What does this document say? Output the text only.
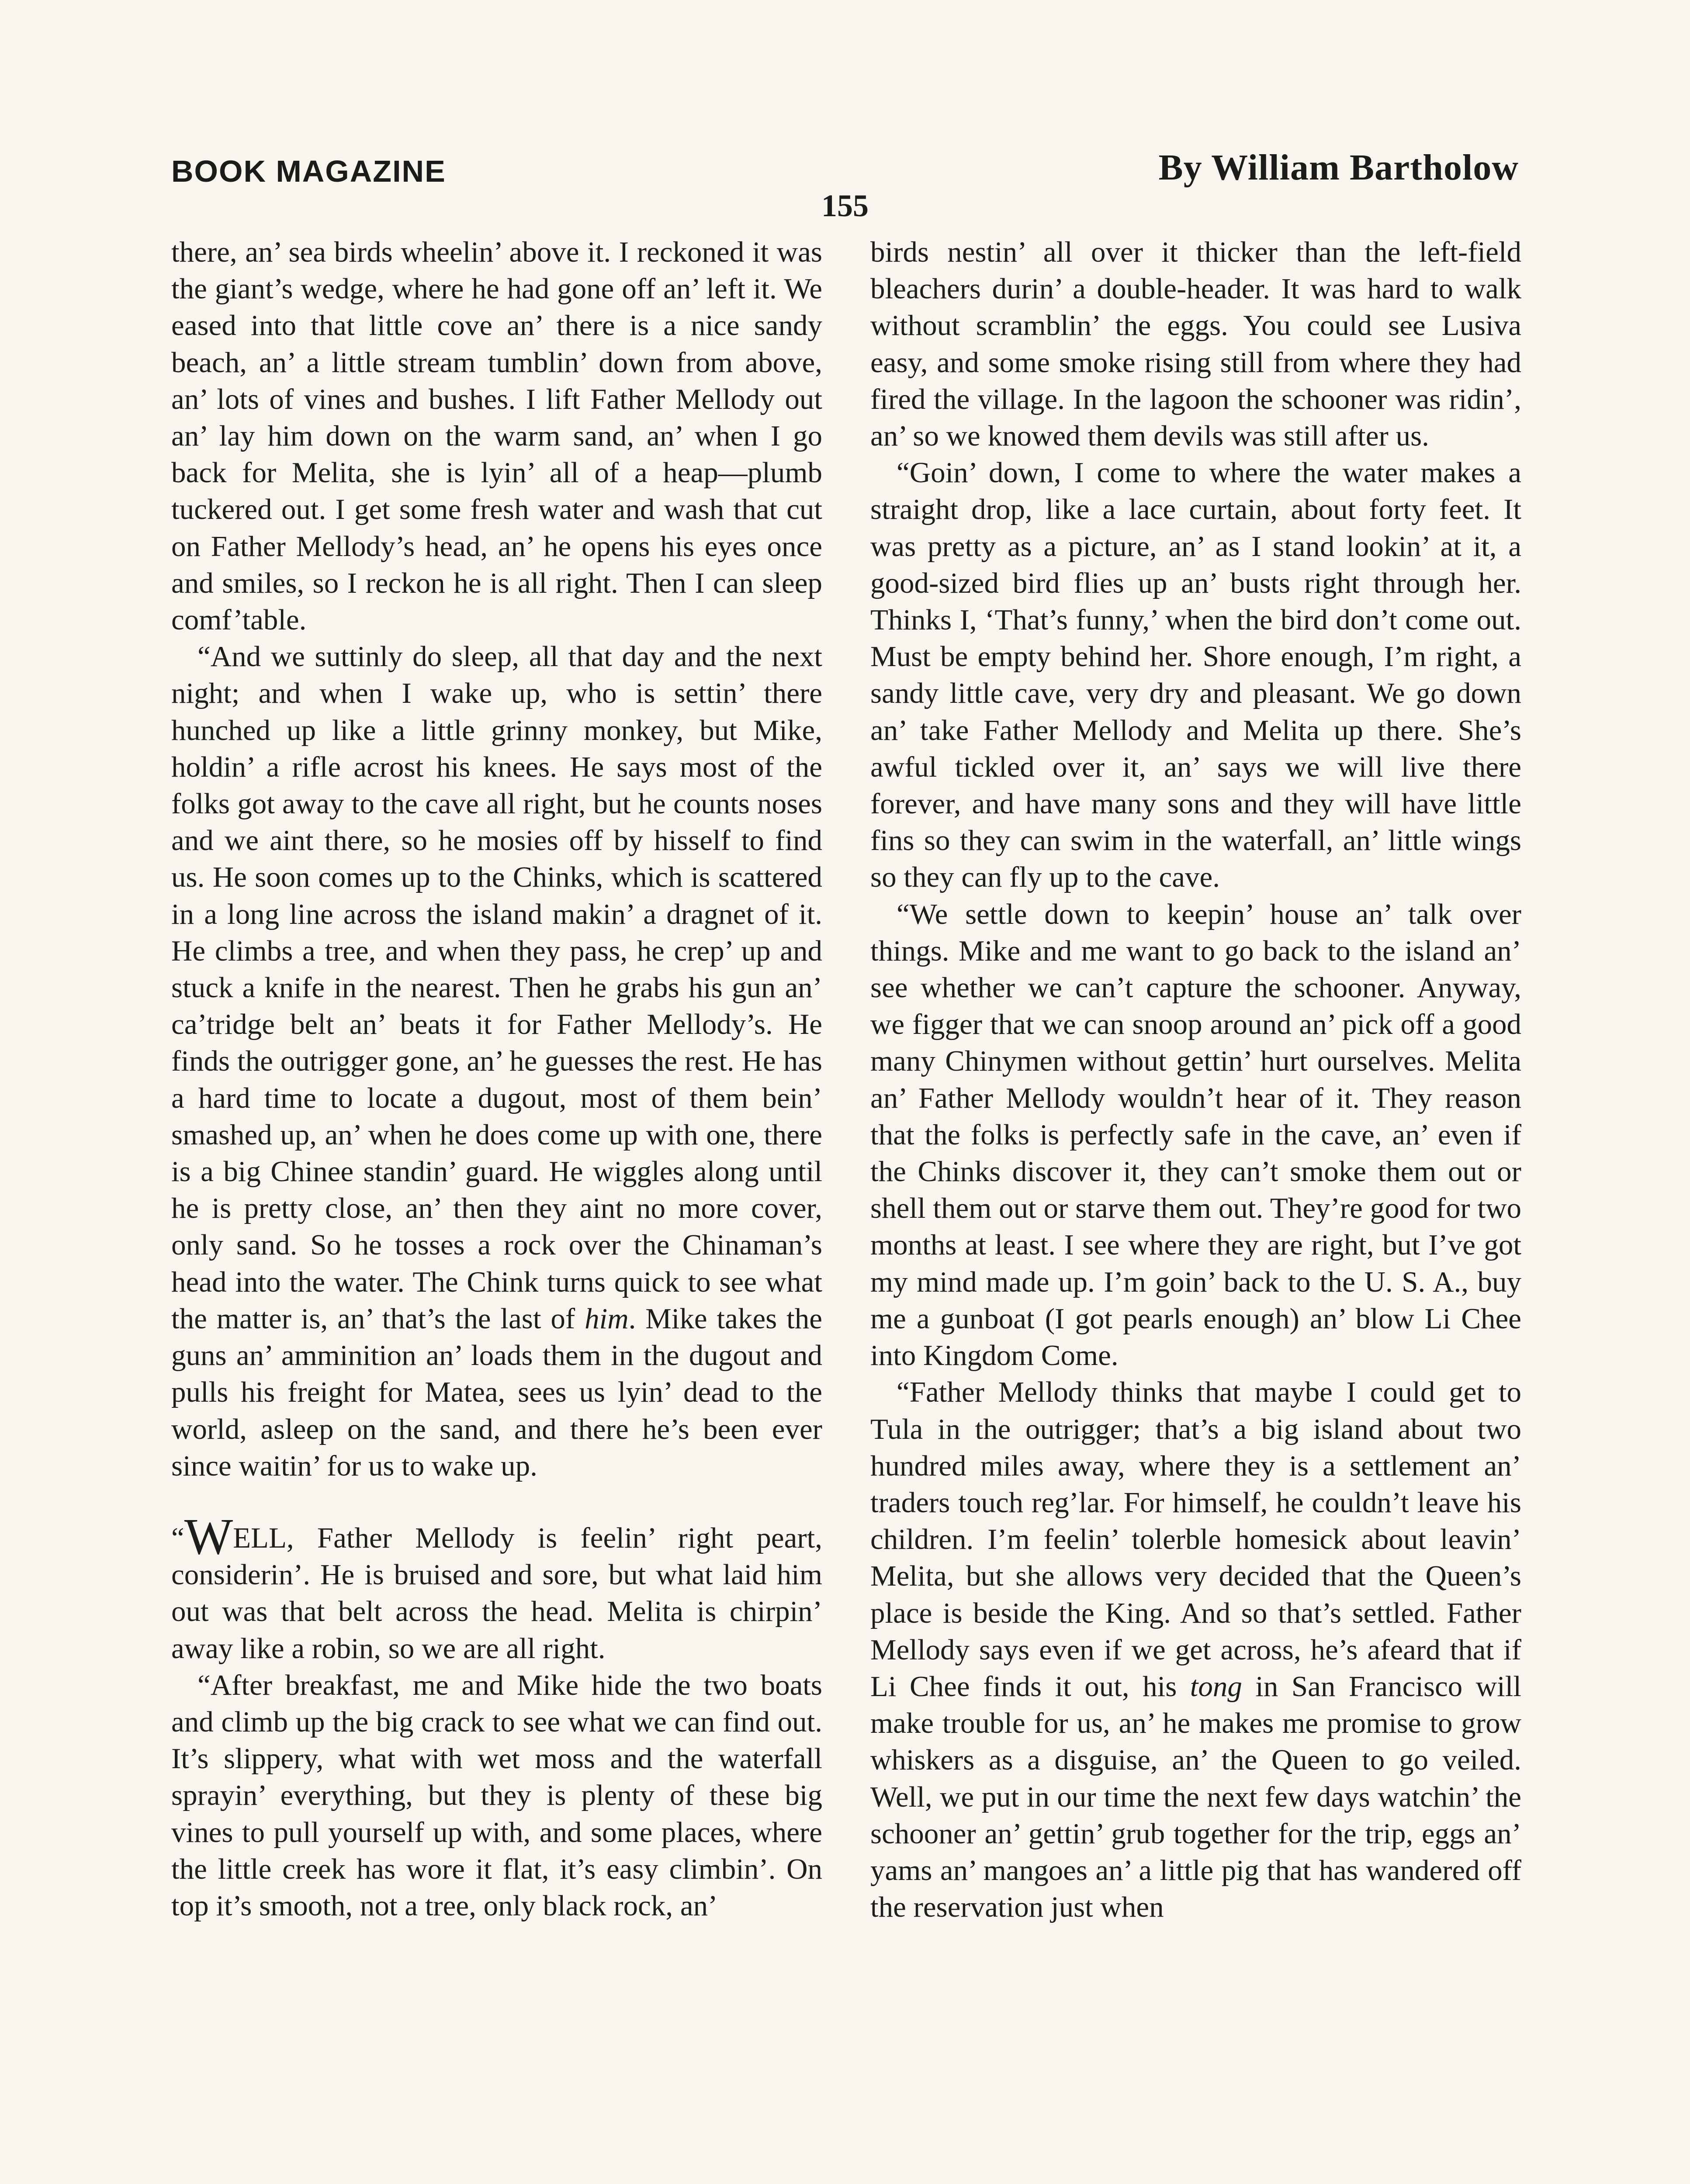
BOOK MAGAZINE	By William Bartholow
155

there, an’ sea birds wheelin’ above it. I reckoned it was the giant’s wedge, where he had gone off an’ left it. We eased into that little cove an’ there is a nice sandy beach, an’ a little stream tumblin’ down from above, an’ lots of vines and bushes. I lift Father Mellody out an’ lay him down on the warm sand, an’ when I go back for Melita, she is lyin’ all of a heap—plumb tuckered out. I get some fresh water and wash that cut on Father Mellody’s head, an’ he opens his eyes once and smiles, so I reckon he is all right. Then I can sleep comf’table.

“And we suttinly do sleep, all that day and the next night; and when I wake up, who is settin’ there hunched up like a little grinny monkey, but Mike, holdin’ a rifle acrost his knees. He says most of the folks got away to the cave all right, but he counts noses and we aint there, so he mosies off by hisself to find us. He soon comes up to the Chinks, which is scattered in a long line across the island makin’ a dragnet of it. He climbs a tree, and when they pass, he crep’ up and stuck a knife in the nearest. Then he grabs his gun an’ ca’tridge belt an’ beats it for Father Mellody’s. He finds the outrigger gone, an’ he guesses the rest. He has a hard time to locate a dugout, most of them bein’ smashed up, an’ when he does come up with one, there is a big Chinee standin’ guard. He wiggles along until he is pretty close, an’ then they aint no more cover, only sand. So he tosses a rock over the Chinaman’s head into the water. The Chink turns quick to see what the matter is, an’ that’s the last of him. Mike takes the guns an’ amminition an’ loads them in the dugout and pulls his freight for Matea, sees us lyin’ dead to the world, asleep on the sand, and there he’s been ever since waitin’ for us to wake up.

“WELL, Father Mellody is feelin’ right peart, considerin’. He is bruised and sore, but what laid him out was that belt across the head. Melita is chirpin’ away like a robin, so we are all right.

“After breakfast, me and Mike hide the two boats and climb up the big crack to see what we can find out. It’s slippery, what with wet moss and the waterfall sprayin’ everything, but they is plenty of these big vines to pull yourself up with, and some places, where the little creek has wore it flat, it’s easy climbin’. On top it’s smooth, not a tree, only black rock, an’

birds nestin’ all over it thicker than the left-field bleachers durin’ a double-header. It was hard to walk without scramblin’ the eggs. You could see Lusiva easy, and some smoke rising still from where they had fired the village. In the lagoon the schooner was ridin’, an’ so we knowed them devils was still after us.

“Goin’ down, I come to where the water makes a straight drop, like a lace curtain, about forty feet. It was pretty as a picture, an’ as I stand lookin’ at it, a good-sized bird flies up an’ busts right through her. Thinks I, ‘That’s funny,’ when the bird don’t come out. Must be empty behind her. Shore enough, I’m right, a sandy little cave, very dry and pleasant. We go down an’ take Father Mellody and Melita up there. She’s awful tickled over it, an’ says we will live there forever, and have many sons and they will have little fins so they can swim in the waterfall, an’ little wings so they can fly up to the cave.

“We settle down to keepin’ house an’ talk over things. Mike and me want to go back to the island an’ see whether we can’t capture the schooner. Anyway, we figger that we can snoop around an’ pick off a good many Chinymen without gettin’ hurt ourselves. Melita an’ Father Mellody wouldn’t hear of it. They reason that the folks is perfectly safe in the cave, an’ even if the Chinks discover it, they can’t smoke them out or shell them out or starve them out. They’re good for two months at least. I see where they are right, but I’ve got my mind made up. I’m goin’ back to the U. S. A., buy me a gunboat (I got pearls enough) an’ blow Li Chee into Kingdom Come.

“Father Mellody thinks that maybe I could get to Tula in the outrigger; that’s a big island about two hundred miles away, where they is a settlement an’ traders touch reg’lar. For himself, he couldn’t leave his children. I’m feelin’ tolerble homesick about leavin’ Melita, but she allows very decided that the Queen’s place is beside the King. And so that’s settled. Father Mellody says even if we get across, he’s afeard that if Li Chee finds it out, his tong in San Francisco will make trouble for us, an’ he makes me promise to grow whiskers as a disguise, an’ the Queen to go veiled. Well, we put in our time the next few days watchin’ the schooner an’ gettin’ grub together for the trip, eggs an’ yams an’ mangoes an’ a little pig that has wandered off the reservation just when
